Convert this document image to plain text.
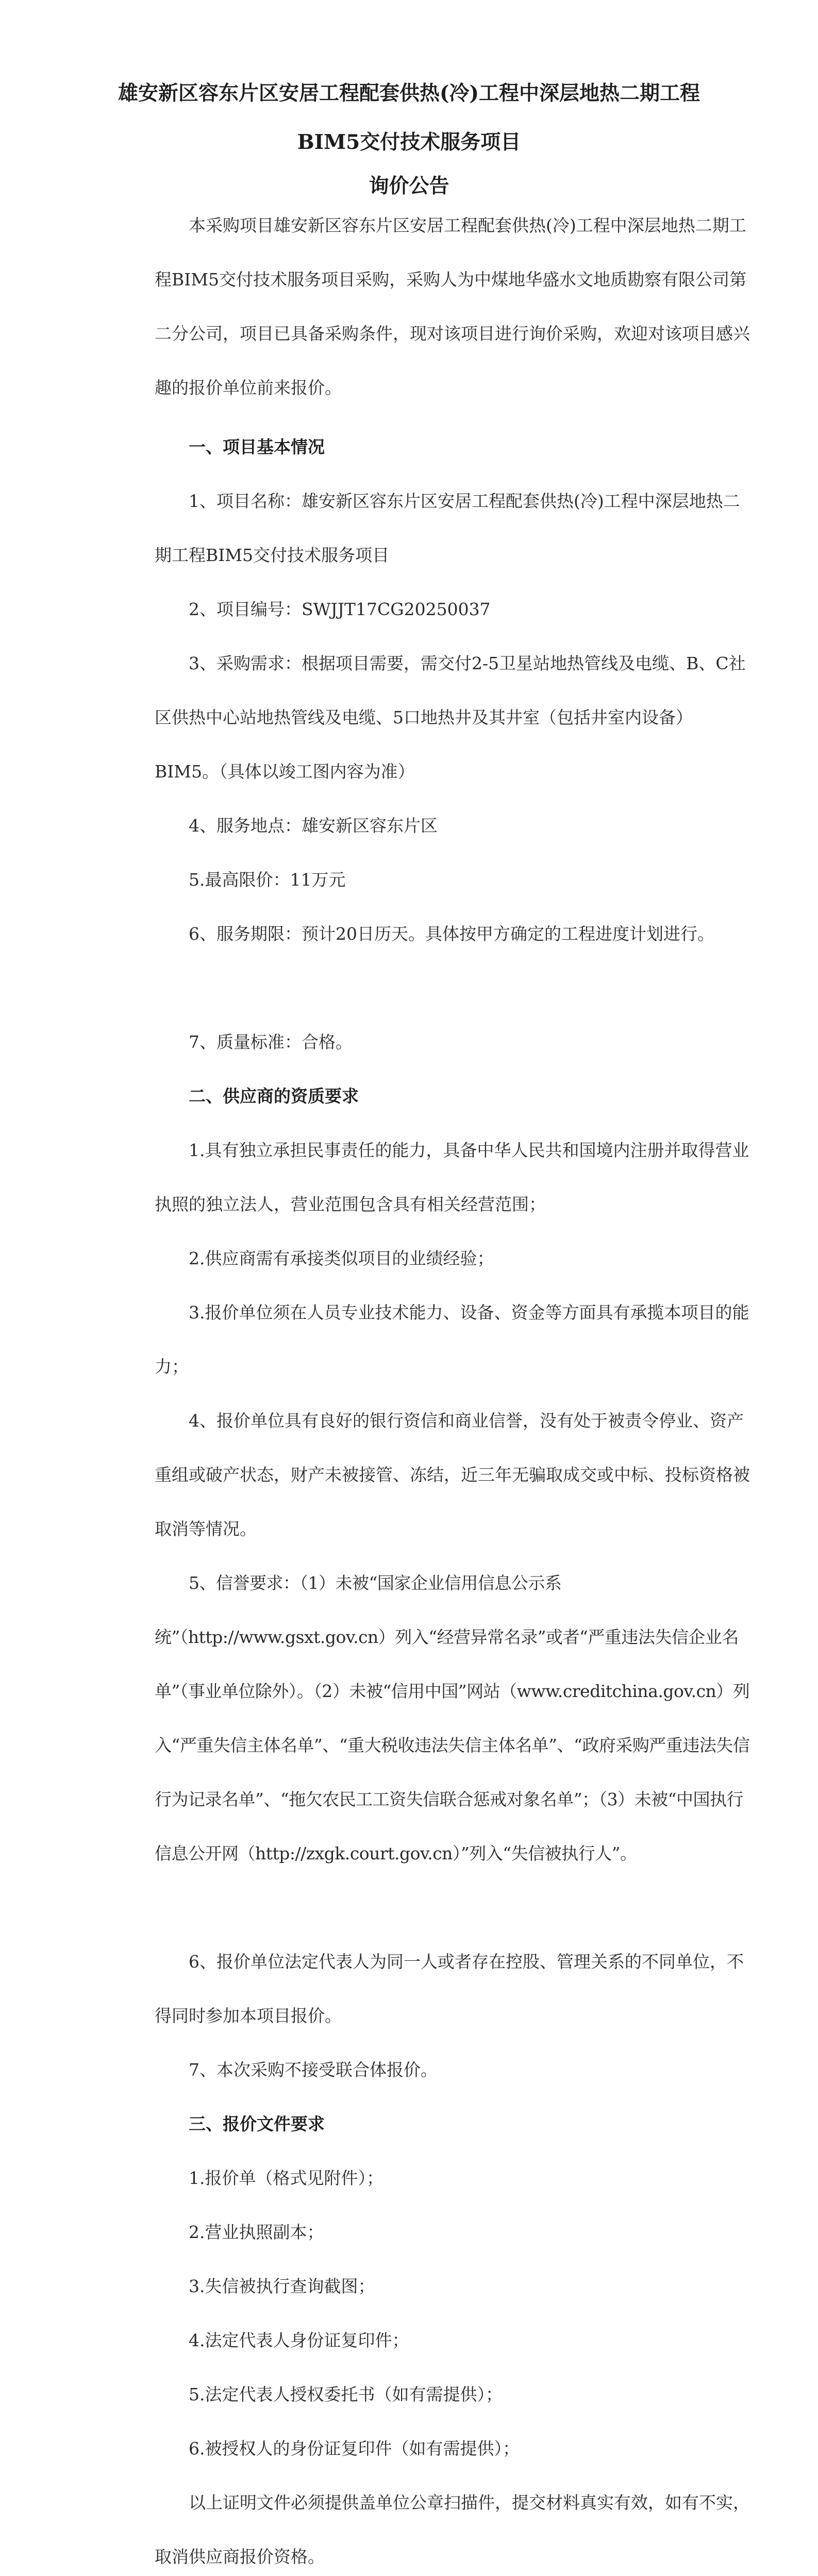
雄安新区容东片区安居工程配套供热(冷)工程中深层地热二期工程
BIM5交付技术服务项目
询价公告

本采购项目雄安新区容东片区安居工程配套供热(冷)工程中深层地热二期工程BIM5交付技术服务项目采购，采购人为中煤地华盛水文地质勘察有限公司第二分公司，项目已具备采购条件，现对该项目进行询价采购，欢迎对该项目感兴趣的报价单位前来报价。

一、项目基本情况

1、项目名称：雄安新区容东片区安居工程配套供热(冷)工程中深层地热二期工程BIM5交付技术服务项目

2、项目编号：SWJJT17CG20250037

3、采购需求：根据项目需要，需交付2-5卫星站地热管线及电缆、B、C社区供热中心站地热管线及电缆、5口地热井及其井室（包括井室内设备）BIM5。（具体以竣工图内容为准）

4、服务地点：雄安新区容东片区

5.最高限价：11万元

6、服务期限：预计20日历天。具体按甲方确定的工程进度计划进行。

7、质量标准：合格。

二、供应商的资质要求

1.具有独立承担民事责任的能力，具备中华人民共和国境内注册并取得营业执照的独立法人，营业范围包含具有相关经营范围；

2.供应商需有承接类似项目的业绩经验；

3.报价单位须在人员专业技术能力、设备、资金等方面具有承揽本项目的能力；

4、报价单位具有良好的银行资信和商业信誉，没有处于被责令停业、资产重组或破产状态，财产未被接管、冻结，近三年无骗取成交或中标、投标资格被取消等情况。

5、信誉要求：（1）未被“国家企业信用信息公示系统”（http://www.gsxt.gov.cn）列入“经营异常名录”或者“严重违法失信企业名单”（事业单位除外）。（2）未被“信用中国”网站（www.creditchina.gov.cn）列入“严重失信主体名单”、“重大税收违法失信主体名单”、“政府采购严重违法失信行为记录名单”、“拖欠农民工工资失信联合惩戒对象名单”；（3）未被“中国执行信息公开网（http://zxgk.court.gov.cn）”列入“失信被执行人”。

6、报价单位法定代表人为同一人或者存在控股、管理关系的不同单位，不得同时参加本项目报价。

7、本次采购不接受联合体报价。

三、报价文件要求

1.报价单（格式见附件）；

2.营业执照副本；

3.失信被执行查询截图；

4.法定代表人身份证复印件；

5.法定代表人授权委托书（如有需提供）；

6.被授权人的身份证复印件（如有需提供）；

以上证明文件必须提供盖单位公章扫描件，提交材料真实有效，如有不实，取消供应商报价资格。
